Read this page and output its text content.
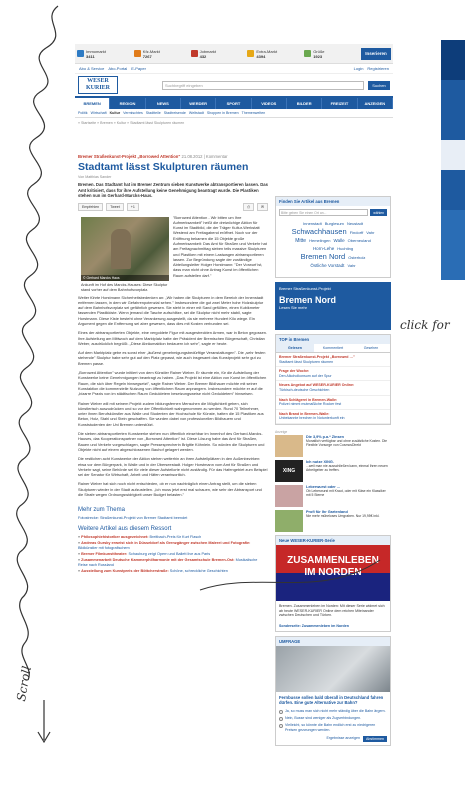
Immomarkt
3411
Kfz-Markt
7267
Jobmarkt
432
Extra-Markt
4394
Grüße
1923	Inserieren
Abo & Service Abo-Portal E-Paper	Login Registrieren
WESER
KURIER	Suchbegriff eingeben	Suchen
BREMEN	REGION	NEWS	WERDER	SPORT	VIDEOS	BILDER	FREIZEIT	ANZEIGEN
Politik Wirtschaft Kultur Vermischtes Stadtteile Stadtreisende Weltstadt Shoppen in Bremen Themenwelten
» Startseite » Bremen » Kultur » Stadtamt lässt Skulpturen räumen
Bremer Straßenkunst-Projekt „Borrowed Attention" 21.08.2012 | Kommentar
Stadtamt lässt Skulpturen räumen
Von Matthias Sander
Bremen. Das Stadtamt hat im Bremer Zentrum sieben Kunstwerke abtransportieren lassen. Das Amt kritisiert, dass für ihre Aufstellung keine Genehmigung beantragt wurde. Die Plastiken stehen nun im Gerhard-Marcks-Haus.
Empfehlen	Tweet	+1	⎙	✉
© Gerhard Marcks Haus
Ankunft im Hof des Marcks-Hauses: Diese Skulptur stand vorher auf dem Bahnhofsvorplatz.

"Borrowed Attention - Wir bitten um Ihre Aufmerksamkeit" heißt die dreiwöchige Aktion für Kunst im Stadtbild, die der Träger Kultur-Werkstatt Westend am Freitagabend eröffnet. Noch vor der Eröffnung bekamen die 15 Objekte große Aufmerksamkeit: Das Amt für Straßen und Verkehr hat am Freitagnachmittag sieben teils massive Skulpturen und Plastiken mit einem Lastwagen abtransportieren lassen. Zur Begründung sagte der zuständige Abteilungsleiter Holger Horstmann: "Der Vorwurf ist, dass man nicht ohne Antrag Kunst im öffentlichen Raum aufstellen darf."

Weiter führte Horstmann Sicherheitsbedenken an: „Wir haben die Skulpturen in dem Bereich der Innenstadt entfernen lassen, in dem wir Gefahrenpotenzial sehen." Insbesondere die gut zwei Meter hohe Holzskulptur auf dem Bahnhofsvorplatz sei gefährlich gewesen. Sie steht in einer mit Sand gefüllten, einen Kubikmeter fassenden Plastikkiste. Wenn jemand die Tasche aufschlitze, sei die Skulptur nicht mehr stabil, sagte Horstmann. Diese Kiste besteht ohne Verankerung ausgestellt, da sie mehrere Hundert Kilo wiege. Ein Argument gegen die Entfernung sei aber gewesen, dass dies mit Kosten verbunden sei.

Eines der abtransportierten Objekte, eine vergoldete Figur mit ausgestreckten Armen, war in Beton gegossen. Ihre Aufstellung am Mittwoch auf dem Marktplatz hatte der Präsident der Bremischen Bürgerschaft, Christian Weber, ausdrücklich begrüßt. „Diese Abräumaktion bedauern ich sehr", sagte er heute.

Auf dem Marktplatz gebe es sonst eher „äußerst genehmigungsbedürftige Veranstaltungen". Die „sehr festen stehende" Skulptur habe sehr gut auf den Platz gepasst, wie auch insgesamt das Kunstprojekt sehr gut zu Bremen passe.

„Borrowed Attention" wurde initiiert von dem Künstler Rainer Weber. Er räumte ein, für die Aufstellung der Kunstwerke keine Genehmigungen beantragt zu haben. „Das Projekt ist eine Aktion von Kunst im öffentlichen Raum, die sich über Regeln hinwegsetzt", sagte Rainer Weber. Der Bremer Bildhauer möchte mit seiner Kunstaktion die kommerzielle Nutzung von öffentlichem Raum anprangern. Insbesondere möchte er auf die „bizarre Praxis von im städtischen Raum Geduldetem besetzungsweise nicht Geduldetem" hinweisen.

Rainer Weber will mit seinem Projekt zudem bildungsfernen Menschen die Möglichkeit geben, sich künstlerisch auszudrücken und so vor der Öffentlichkeit wahrgenommen zu werden. Rund 70 Teilnehmer, unter ihnen Berufskünstler aus Walle und Studenten der Hochschule für Künste, hatten die 15 Plastiken aus Beton, Holz, Stahl und Stein geschaffen. Sie wurden dabei von professionellen Bildhauern und Kunststudenten der Uni Bremen unterstützt.

Die sieben abtransportierten Kunstwerke stehen nun öffentlich einsehbar im Innenhof des Gerhard-Marcks-Hauses, das Kooperationspartner von „Borrowed Attention" ist. Diese Lösung habe das Amt für Straßen, Bauen und Verkehr vorgeschlagen, sagte Pressesprecherin Brigitte Köhnlein. So würden die Skulpturen und Objekte nicht auf einem abgeschlossenen Bauhof gelagert werden.

Die restlichen acht Kunstwerke der Aktion stehen weiterhin an ihren Aufstellplätzen in den Außenbezirken: etwa vor dem Bürgerpark, in Walle und in der Überseestadt. Holger Horstmann vom Amt für Straßen und Verkehr sagt, seine Behörde sei für viele dieser Aufstellorte nicht zuständig. Für das Hafengebiet zum Beispiel sei der Senator für Wirtschaft, Arbeit und Häfen verantwortlich.

Rainer Weber hat sich noch nicht entschieden, ob er nun nachträglich einen Antrag stellt, um die sieben Skulpturen wieder in der Stadt aufzustellen. „Ich muss jetzt erst mal schauen, wie sehr der Abtransport und die Strafe wegen Ordnungswidrigkeit unser Budget belasten."

Mehr zum Thema
Fotostrecke: Straßenkunst-Projekt von Bremer Stadtamt beendet
Weitere Artikel aus diesem Ressort
» Philosophiehistoriker ausgezeichnet: Breitbach-Preis für Kurt Flasch
» Andreas Gursky erweist sich in Düsseldorf als Grenzgänger zwischen Malerei und Fotografie: Bildkünstler mit fotografischem
» Bremer Filmkunsttheater: Schauburg zeigt Opern und Ballett live aus Paris
» Zusammenarbeit Deutsche Kammerphilharmonie mit der Gesamtschule Bremen-Ost: Musikalische Reise nach Russland
» Ausstellung zum Kunstpreis der Böttcherstraße: Schöne, schreckliche Geschichten
Finden Sie Artikel aus Bremen
Bitte geben Sie einen Ort an...	wählen
Innenstadt Burglesum Neustadt
Schwachhausen Findorff Vahr
Mitte Hemelingen Walle Oberneuland
Horn-Lehe Huchting
Bremen Nord Osterholz
Östliche Vorstadt Vahr
Bremer Straßenkunst-Projekt
Bremen Nord
Lesen Sie mehr
TOP in Bremen
Gelesen	Kommentiert	Gesehen
Bremer Straßenkunst-Projekt „Borrowed …"
Stadtamt lässt Skulpturen räumen
Frage der Woche:
Den Alkoholkonsum auf der Spur
Neues Angebot auf WESER-KURIER Online:
Türkisch-deutsche Geschichten
Nach Schlägerei in Bremen-Walle:
Polizei nimmt mutmaßliche Rocker fest
Nach Brand in Bremen-Walle:
Unbekannte brechen in Notunterkunft ein
Anzeige
Die 3,9% p.a.* Zinsen
Monatlich verfügbar und ohne zusätzliche Kosten. Die Flexible Vorsorge von CosmosDirekt
XING
Ich nutze XING.
...weil man nie ausschließen kann, einmal Ihren neuen Arbeitgeber zu treffen.
Leberwurst oder ...
Ob Leberwurst mit Kraut, oder mit Käse ein Klassiker mit 5 Sterne
Profi für Ihr Gartenland
Nie mehr müheloses Umgraben. Nur 19,95€ inkl.
Neue WESER-KURIER-Serie
ZUSAMMENLEBEN
IM NORDEN
Bremen. Zusammenleben im Norden: Mit dieser Serie widmet sich ab heute WESER-KURIER Online dem reichen Miteinander zwischen Deutschen und Türken.
Sonderseite: Zusammenleben im Norden
UMFRAGE
Fernbusse sollen bald überall in Deutschland fahren dürfen. Eine gute Alternative zur Bahn?
Ja, so muss man sich nicht mehr ständig über die Bahn ärgern.
Nein, Busse sind weniger als Zugverbindungen.
Vielleicht, so könnte die Bahn endlich erst zu niedrigeren Preisen gezwungen werden.
Ergebnisse anzeigen	Abstimmen
click for
Scroll
